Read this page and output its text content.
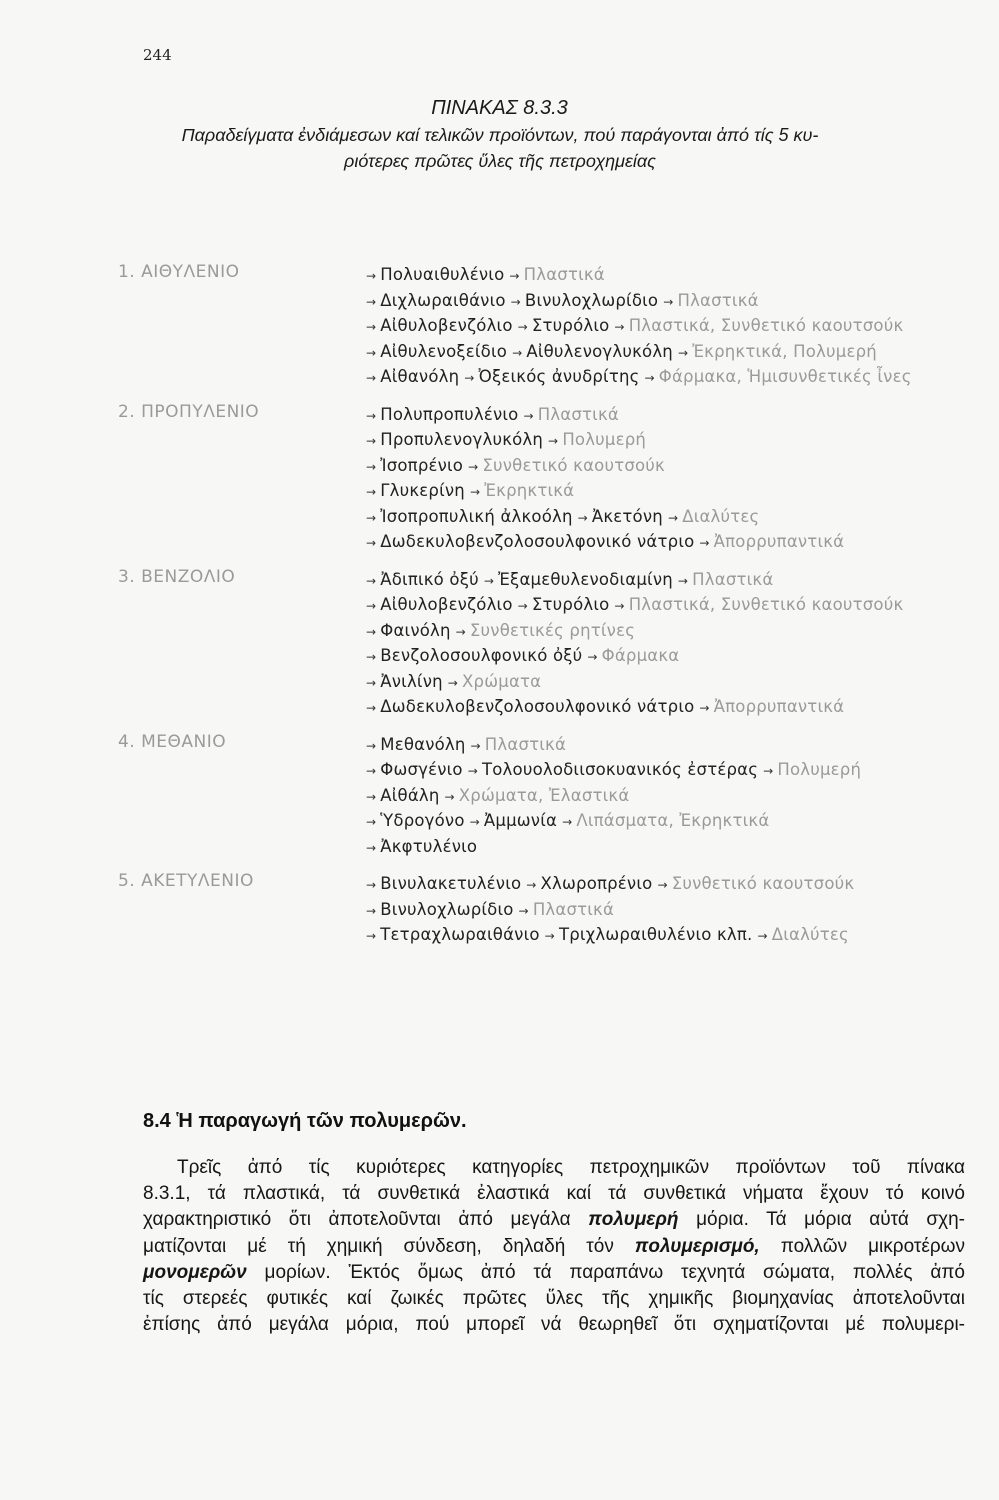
244
ΠΙΝΑΚΑΣ 8.3.3
Παραδείγματα ἐνδιάμεσων καί τελικῶν προϊόντων, πού παράγονται ἀπό τίς 5 κυ-
ριότερες πρῶτες ὕλες τῆς πετροχημείας
1. ΑΙΘΥΛΕΝΙΟ	→ Πολυαιθυλένιο → Πλαστικά
→ Διχλωραιθάνιο → Βινυλοχλωρίδιο → Πλαστικά
→ Αἰθυλοβενζόλιο → Στυρόλιο → Πλαστικά, Συνθετικό καουτσούκ
→ Αἰθυλενοξείδιο → Αἰθυλενογλυκόλη → Ἐκρηκτικά, Πολυμερή
→ Αἰθανόλη → Ὀξεικός ἀνυδρίτης → Φάρμακα, Ἡμισυνθετικές ἶνες
2. ΠΡΟΠΥΛΕΝΙΟ	→ Πολυπροπυλένιο → Πλαστικά
→ Προπυλενογλυκόλη → Πολυμερή
→ Ἰσοπρένιο → Συνθετικό καουτσούκ
→ Γλυκερίνη → Ἐκρηκτικά
→ Ἰσοπροπυλική ἀλκοόλη → Ἀκετόνη → Διαλύτες
→ Δωδεκυλοβενζολοσουλφονικό νάτριο → Ἀπορρυπαντικά
3. ΒΕΝΖΟΛΙΟ	→ Ἀδιπικό ὀξύ → Ἐξαμεθυλενοδιαμίνη → Πλαστικά
→ Αἰθυλοβενζόλιο → Στυρόλιο → Πλαστικά, Συνθετικό καουτσούκ
→ Φαινόλη → Συνθετικές ρητίνες
→ Βενζολοσουλφονικό ὀξύ → Φάρμακα
→ Ἀνιλίνη → Χρώματα
→ Δωδεκυλοβενζολοσουλφονικό νάτριο → Ἀπορρυπαντικά
4. ΜΕΘΑΝΙΟ	→ Μεθανόλη → Πλαστικά
→ Φωσγένιο → Τολουολοδιισοκυανικός ἐστέρας → Πολυμερή
→ Αἰθάλη → Χρώματα, Ἐλαστικά
→ Ὑδρογόνο → Ἀμμωνία → Λιπάσματα, Ἐκρηκτικά
→ Ἀκφτυλένιο
5. ΑΚΕΤΥΛΕΝΙΟ	→ Βινυλακετυλένιο → Χλωροπρένιο → Συνθετικό καουτσούκ
→ Βινυλοχλωρίδιο → Πλαστικά
→ Τετραχλωραιθάνιο → Τριχλωραιθυλένιο κλπ. → Διαλύτες
8.4 Ἡ παραγωγή τῶν πολυμερῶν.
Τρεῖς ἀπό τίς κυριότερες κατηγορίες πετροχημικῶν προϊόντων τοῦ πίνακα
8.3.1, τά πλαστικά, τά συνθετικά ἐλαστικά καί τά συνθετικά νήματα ἔχουν τό κοινό
χαρακτηριστικό ὅτι ἀποτελοῦνται ἀπό μεγάλα πολυμερή μόρια. Τά μόρια αὐτά σχη-
ματίζονται μέ τή χημική σύνδεση, δηλαδή τόν πολυμερισμό, πολλῶν μικροτέρων
μονομερῶν μορίων. Ἐκτός ὅμως ἀπό τά παραπάνω τεχνητά σώματα, πολλές ἀπό
τίς στερεές φυτικές καί ζωικές πρῶτες ὕλες τῆς χημικῆς βιομηχανίας ἀποτελοῦνται
ἐπίσης ἀπό μεγάλα μόρια, πού μπορεῖ νά θεωρηθεῖ ὅτι σχηματίζονται μέ πολυμερι-
